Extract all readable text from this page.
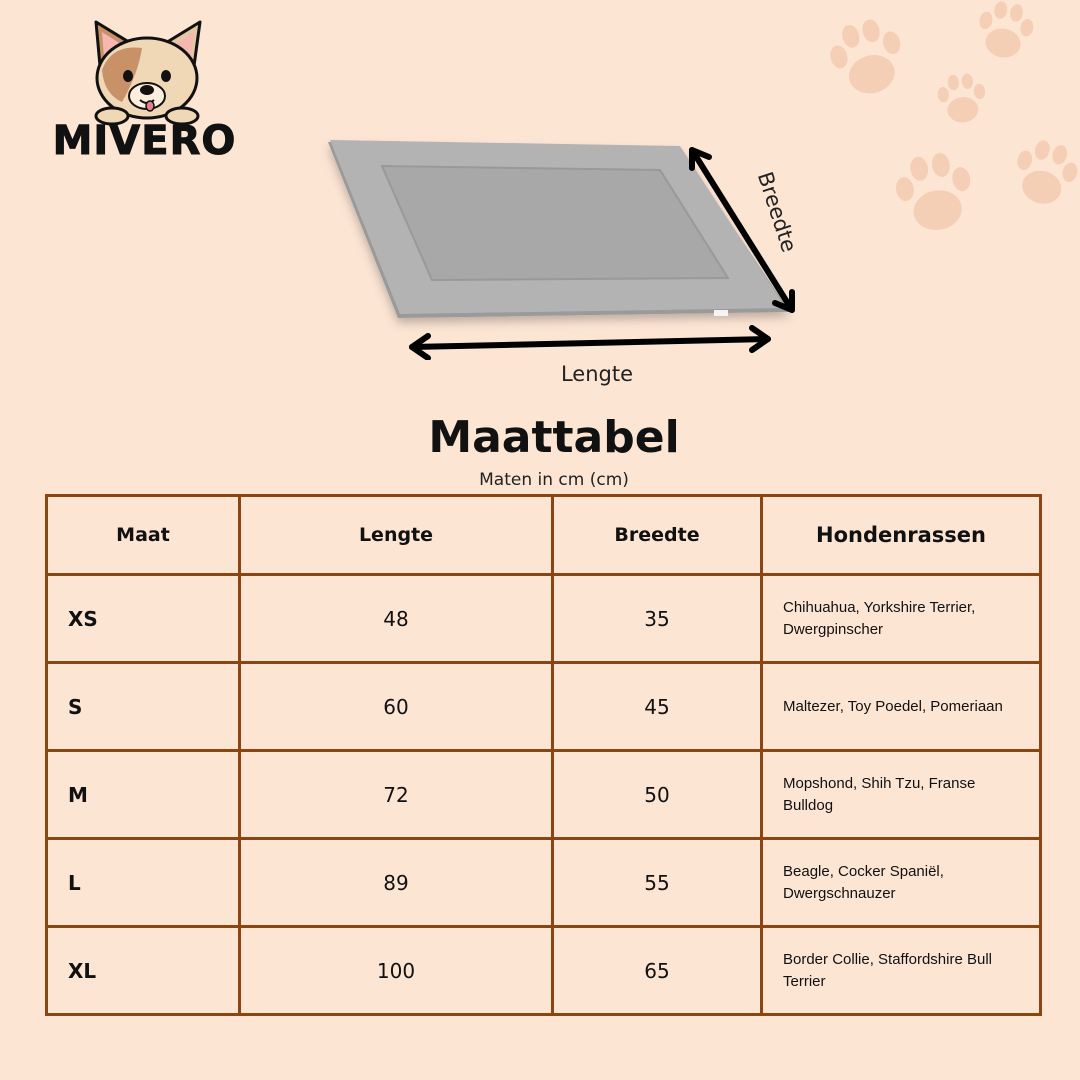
MIVERO
Lengte
Breedte
Maattabel
Maten in cm (cm)
Maat	Lengte	Breedte	Hondenrassen
XS	48	35	Chihuahua, Yorkshire Terrier, Dwergpinscher
S	60	45	Maltezer, Toy Poedel, Pomeriaan
M	72	50	Mopshond, Shih Tzu, Franse Bulldog
L	89	55	Beagle, Cocker Spaniël, Dwergschnauzer
XL	100	65	Border Collie, Staffordshire Bull Terrier
